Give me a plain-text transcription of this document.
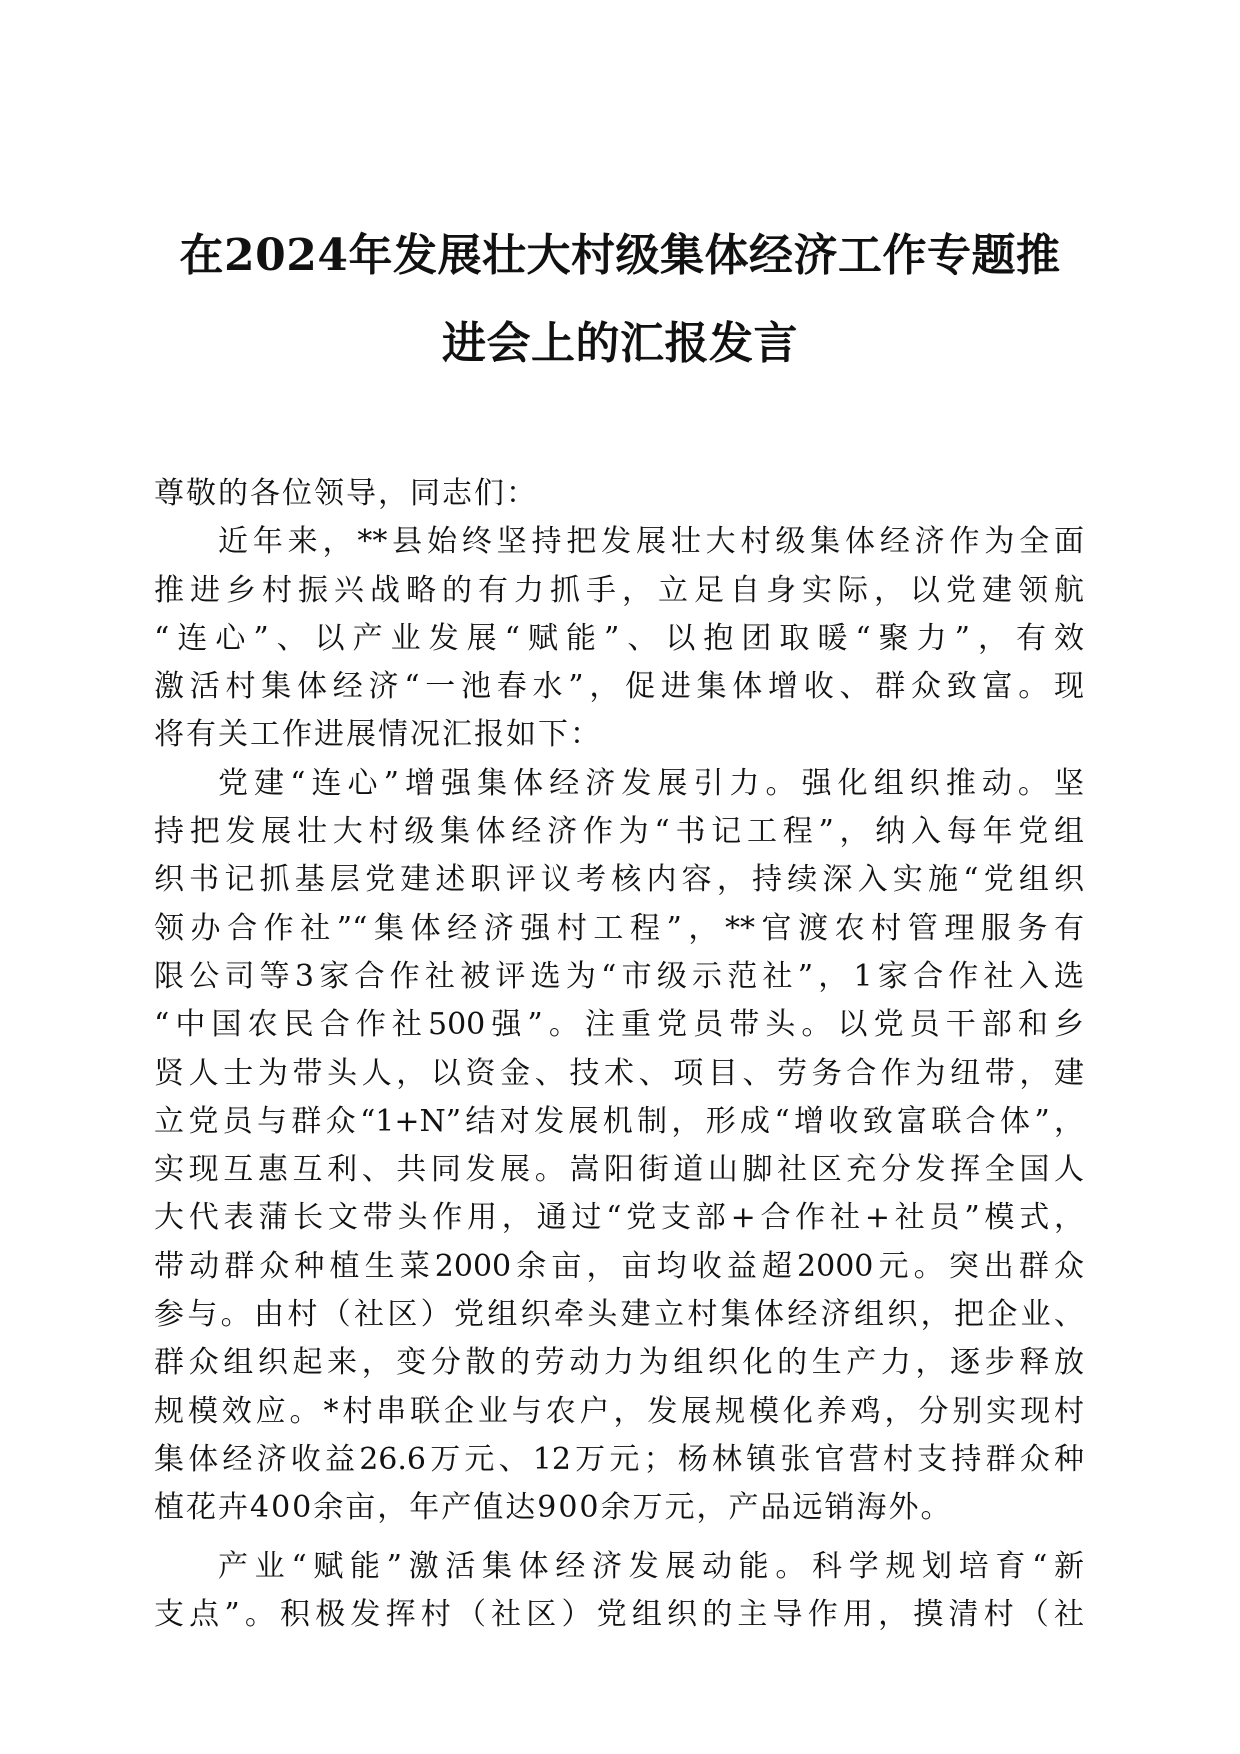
在2024年发展壮大村级集体经济工作专题推
进会上的汇报发言
尊敬的各位领导，同志们：
近年来，**县始终坚持把发展壮大村级集体经济作为全面
推进乡村振兴战略的有力抓手，立足自身实际，以党建领航
“连心”、以产业发展“赋能”、以抱团取暖“聚力”，有效
激活村集体经济“一池春水”，促进集体增收、群众致富。现
将有关工作进展情况汇报如下：
党建“连心”增强集体经济发展引力。强化组织推动。坚
持把发展壮大村级集体经济作为“书记工程”，纳入每年党组
织书记抓基层党建述职评议考核内容，持续深入实施“党组织
领办合作社”“集体经济强村工程”，**官渡农村管理服务有
限公司等3家合作社被评选为“市级示范社”，1家合作社入选
“中国农民合作社500强”。注重党员带头。以党员干部和乡
贤人士为带头人，以资金、技术、项目、劳务合作为纽带，建
立党员与群众“1+N”结对发展机制，形成“增收致富联合体”，
实现互惠互利、共同发展。嵩阳街道山脚社区充分发挥全国人
大代表蒲长文带头作用，通过“党支部+合作社+社员”模式，
带动群众种植生菜2000余亩，亩均收益超2000元。突出群众
参与。由村（社区）党组织牵头建立村集体经济组织，把企业、
群众组织起来，变分散的劳动力为组织化的生产力，逐步释放
规模效应。*村串联企业与农户，发展规模化养鸡，分别实现村
集体经济收益26.6万元、12万元；杨林镇张官营村支持群众种
植花卉400余亩，年产值达900余万元，产品远销海外。
产业“赋能”激活集体经济发展动能。科学规划培育“新
支点”。积极发挥村（社区）党组织的主导作用，摸清村（社
